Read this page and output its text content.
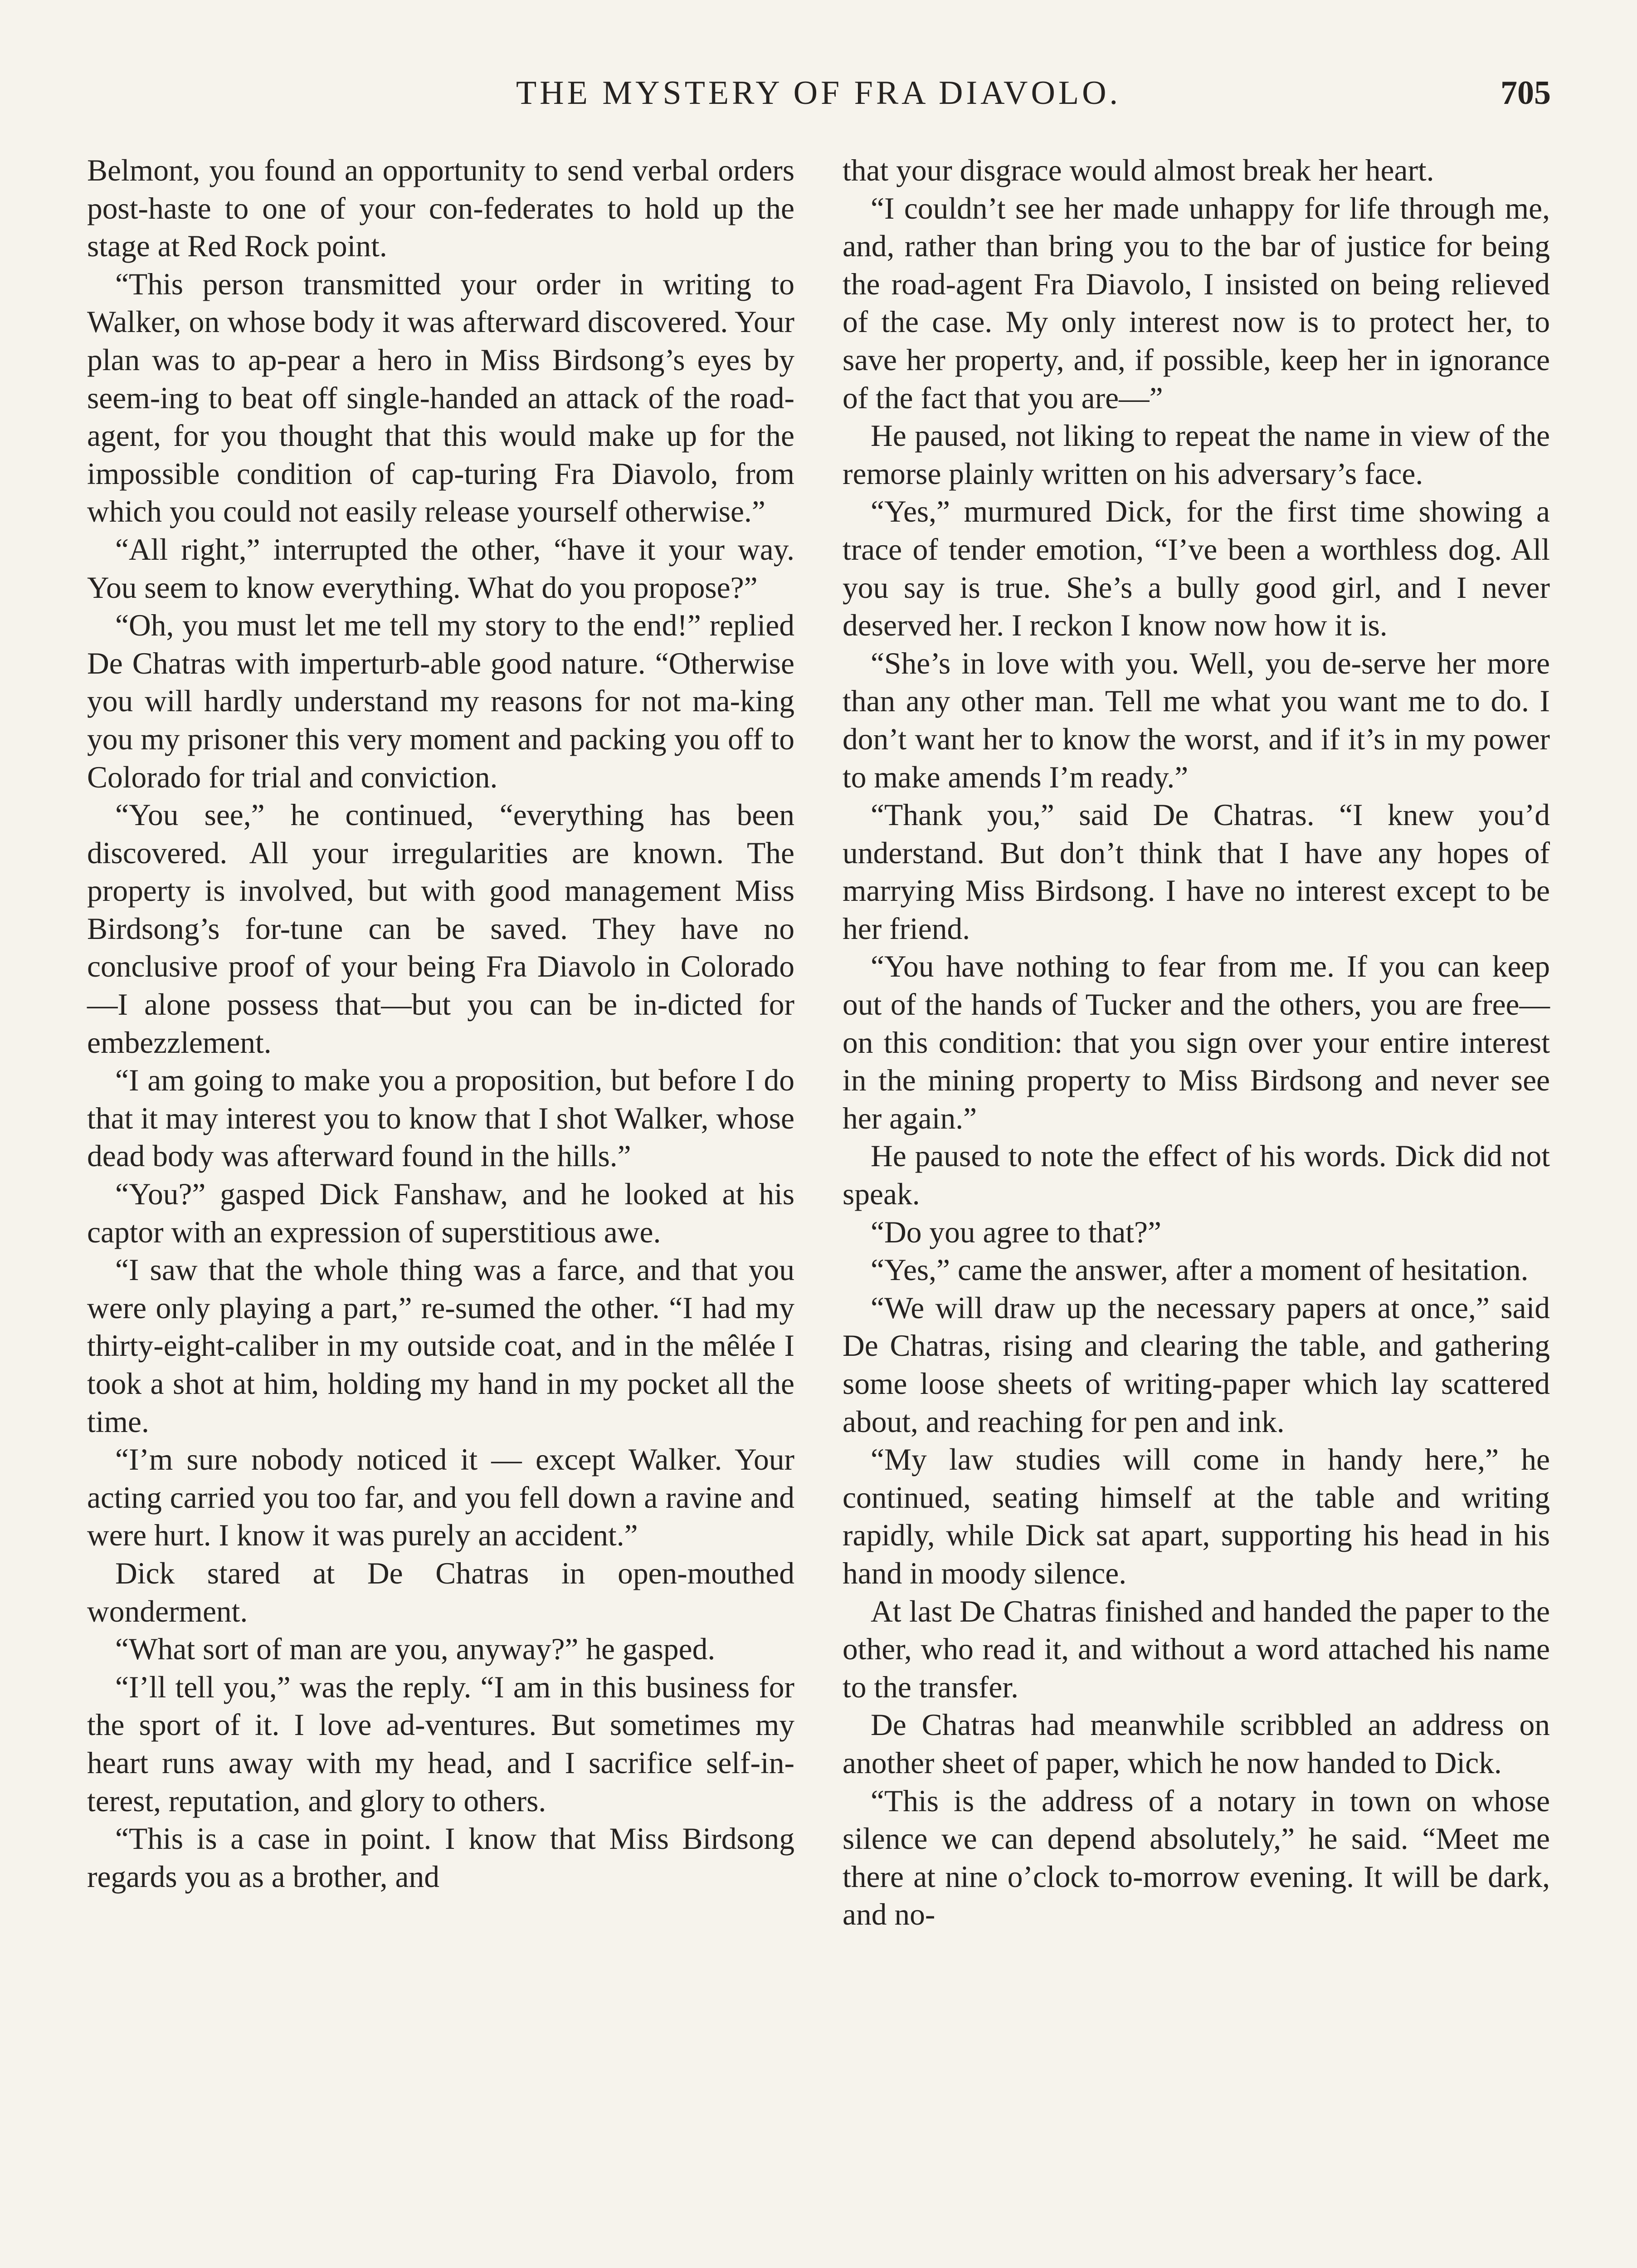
THE MYSTERY OF FRA DIAVOLO.	705

Belmont, you found an opportunity to send verbal orders post-haste to one of your con-federates to hold up the stage at Red Rock point.

“This person transmitted your order in writing to Walker, on whose body it was afterward discovered. Your plan was to ap-pear a hero in Miss Birdsong’s eyes by seem-ing to beat off single-handed an attack of the road-agent, for you thought that this would make up for the impossible condition of cap-turing Fra Diavolo, from which you could not easily release yourself otherwise.”

“All right,” interrupted the other, “have it your way. You seem to know everything. What do you propose?”

“Oh, you must let me tell my story to the end!” replied De Chatras with imperturb-able good nature. “Otherwise you will hardly understand my reasons for not ma-king you my prisoner this very moment and packing you off to Colorado for trial and conviction.

“You see,” he continued, “everything has been discovered. All your irregularities are known. The property is involved, but with good management Miss Birdsong’s for-tune can be saved. They have no conclusive proof of your being Fra Diavolo in Colorado —I alone possess that—but you can be in-dicted for embezzlement.

“I am going to make you a proposition, but before I do that it may interest you to know that I shot Walker, whose dead body was afterward found in the hills.”

“You?” gasped Dick Fanshaw, and he looked at his captor with an expression of superstitious awe.

“I saw that the whole thing was a farce, and that you were only playing a part,” re-sumed the other. “I had my thirty-eight-caliber in my outside coat, and in the mêlée I took a shot at him, holding my hand in my pocket all the time.

“I’m sure nobody noticed it — except Walker. Your acting carried you too far, and you fell down a ravine and were hurt. I know it was purely an accident.”

Dick stared at De Chatras in open-mouthed wonderment.

“What sort of man are you, anyway?” he gasped.

“I’ll tell you,” was the reply. “I am in this business for the sport of it. I love ad-ventures. But sometimes my heart runs away with my head, and I sacrifice self-in-terest, reputation, and glory to others.

“This is a case in point. I know that Miss Birdsong regards you as a brother, and

that your disgrace would almost break her heart.

“I couldn’t see her made unhappy for life through me, and, rather than bring you to the bar of justice for being the road-agent Fra Diavolo, I insisted on being relieved of the case. My only interest now is to protect her, to save her property, and, if possible, keep her in ignorance of the fact that you are—”

He paused, not liking to repeat the name in view of the remorse plainly written on his adversary’s face.

“Yes,” murmured Dick, for the first time showing a trace of tender emotion, “I’ve been a worthless dog. All you say is true. She’s a bully good girl, and I never deserved her. I reckon I know now how it is.

“She’s in love with you. Well, you de-serve her more than any other man. Tell me what you want me to do. I don’t want her to know the worst, and if it’s in my power to make amends I’m ready.”

“Thank you,” said De Chatras. “I knew you’d understand. But don’t think that I have any hopes of marrying Miss Birdsong. I have no interest except to be her friend.

“You have nothing to fear from me. If you can keep out of the hands of Tucker and the others, you are free—on this condition: that you sign over your entire interest in the mining property to Miss Birdsong and never see her again.”

He paused to note the effect of his words. Dick did not speak.

“Do you agree to that?”

“Yes,” came the answer, after a moment of hesitation.

“We will draw up the necessary papers at once,” said De Chatras, rising and clearing the table, and gathering some loose sheets of writing-paper which lay scattered about, and reaching for pen and ink.

“My law studies will come in handy here,” he continued, seating himself at the table and writing rapidly, while Dick sat apart, supporting his head in his hand in moody silence.

At last De Chatras finished and handed the paper to the other, who read it, and without a word attached his name to the transfer.

De Chatras had meanwhile scribbled an address on another sheet of paper, which he now handed to Dick.

“This is the address of a notary in town on whose silence we can depend absolutely,” he said. “Meet me there at nine o’clock to-morrow evening. It will be dark, and no-
